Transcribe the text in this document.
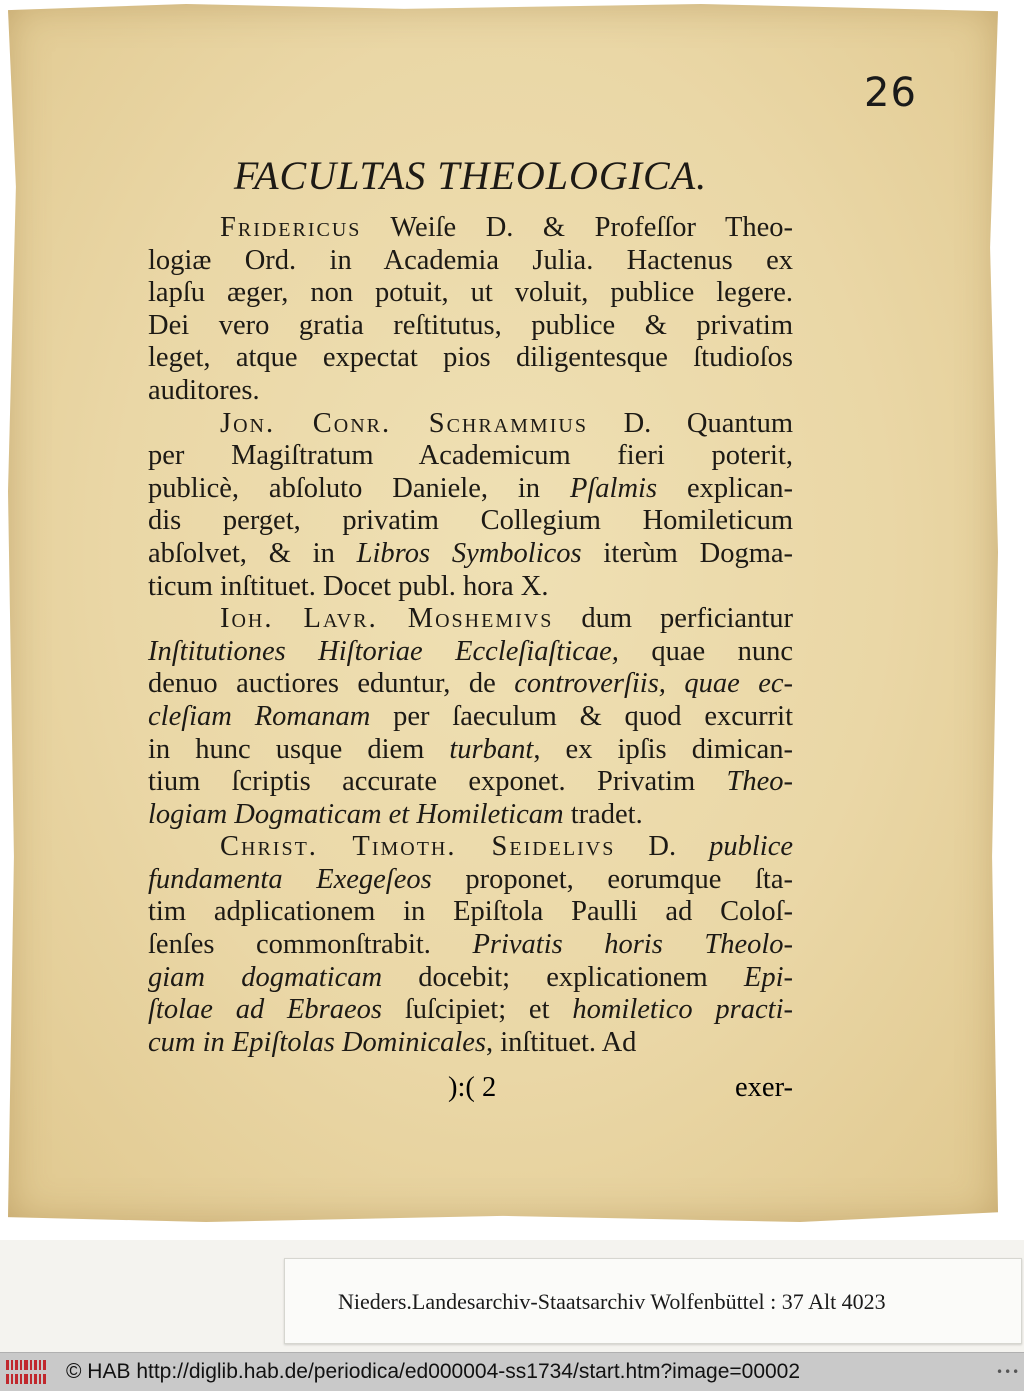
26
FACULTAS THEOLOGICA.
Fridericus Weiſe D. & Profeſſor Theo-
logiæ Ord. in Academia Julia. Hactenus ex
lapſu æger, non potuit, ut voluit, publice legere.
Dei vero gratia reſtitutus, publice & privatim
leget, atque expectat pios diligentesque ſtudioſos
auditores.
Jon. Conr. Schrammius D. Quantum
per Magiſtratum Academicum fieri poterit,
publicè, abſoluto Daniele, in Pſalmis explican-
dis perget, privatim Collegium Homileticum
abſolvet, & in Libros Symbolicos iterùm Dogma-
ticum inſtituet. Docet publ. hora X.
Ioh. Lavr. Moshemivs dum perficiantur
Inſtitutiones Hiſtoriae Eccleſiaſticae, quae nunc
denuo auctiores eduntur, de controverſiis, quae ec-
cleſiam Romanam per ſaeculum & quod excurrit
in hunc usque diem turbant, ex ipſis dimican-
tium ſcriptis accurate exponet. Privatim Theo-
logiam Dogmaticam et Homileticam tradet.
Christ. Timoth. Seidelivs D. publice
fundamenta Exegeſeos proponet, eorumque ſta-
tim adplicationem in Epiſtola Paulli ad Coloſ-
ſenſes commonſtrabit. Privatis horis Theolo-
giam dogmaticam docebit; explicationem Epi-
ſtolae ad Ebraeos ſuſcipiet; et homiletico practi-
cum in Epiſtolas Dominicales, inſtituet. Ad
):( 2	exer-
Nieders.Landesarchiv-Staatsarchiv Wolfenbüttel : 37 Alt 4023
© HAB http://diglib.hab.de/periodica/ed000004-ss1734/start.htm?image=00002	•••
